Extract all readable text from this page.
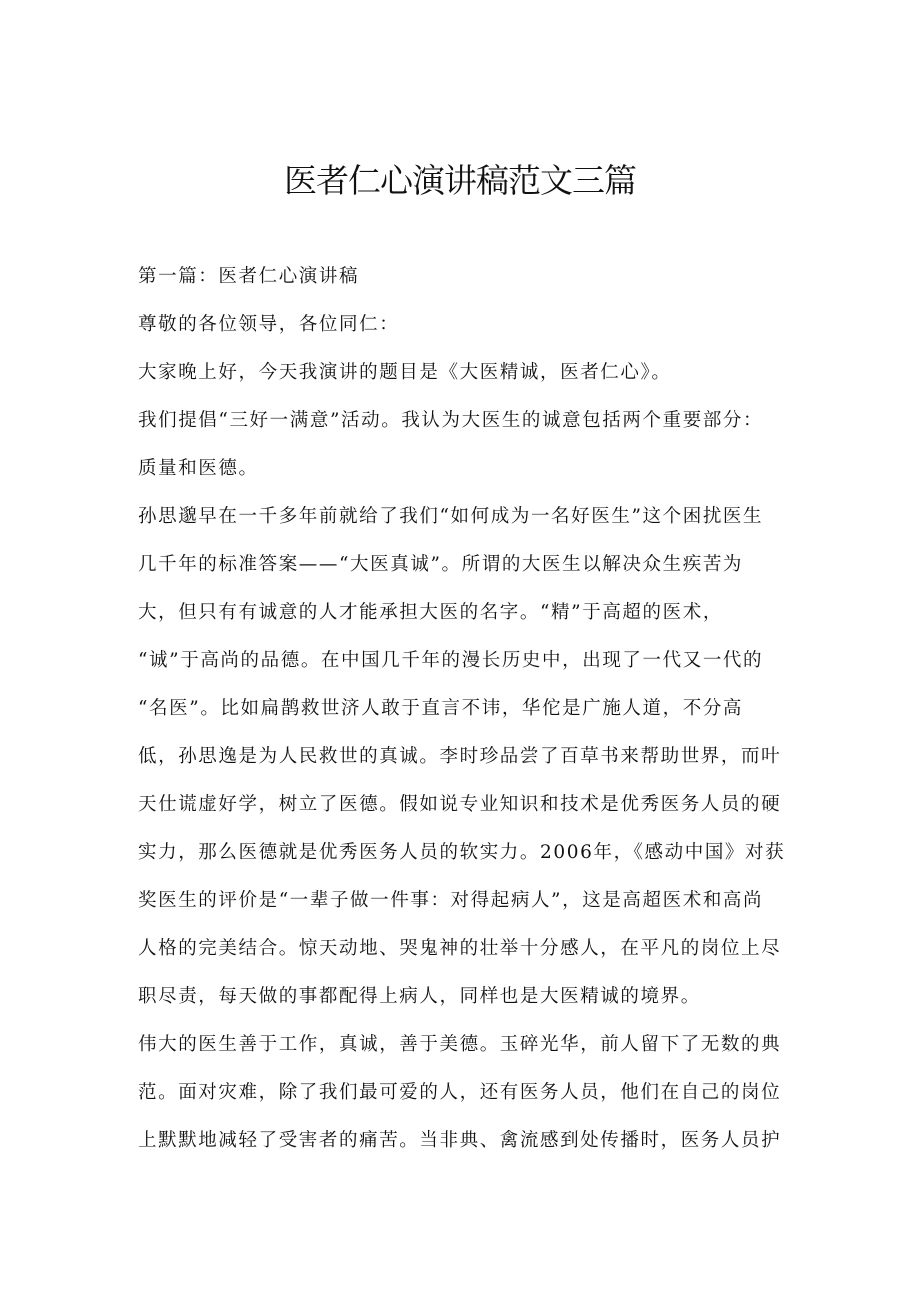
医者仁心演讲稿范文三篇

第一篇：医者仁心演讲稿

尊敬的各位领导，各位同仁：

大家晚上好，今天我演讲的题目是《大医精诚，医者仁心》。

我们提倡“三好一满意”活动。我认为大医生的诚意包括两个重要部分：

质量和医德。

孙思邈早在一千多年前就给了我们“如何成为一名好医生”这个困扰医生

几千年的标准答案——“大医真诚”。所谓的大医生以解决众生疾苦为

大，但只有有诚意的人才能承担大医的名字。“精”于高超的医术，

“诚”于高尚的品德。在中国几千年的漫长历史中，出现了一代又一代的

“名医”。比如扁鹊救世济人敢于直言不讳，华佗是广施人道，不分高

低，孙思逸是为人民救世的真诚。李时珍品尝了百草书来帮助世界，而叶

天仕谎虚好学，树立了医德。假如说专业知识和技术是优秀医务人员的硬

实力，那么医德就是优秀医务人员的软实力。2006年，《感动中国》对获

奖医生的评价是“一辈子做一件事：对得起病人”，这是高超医术和高尚

人格的完美结合。惊天动地、哭鬼神的壮举十分感人，在平凡的岗位上尽

职尽责，每天做的事都配得上病人，同样也是大医精诚的境界。

伟大的医生善于工作，真诚，善于美德。玉碎光华，前人留下了无数的典

范。面对灾难，除了我们最可爱的人，还有医务人员，他们在自己的岗位

上默默地减轻了受害者的痛苦。当非典、禽流感到处传播时，医务人员护
